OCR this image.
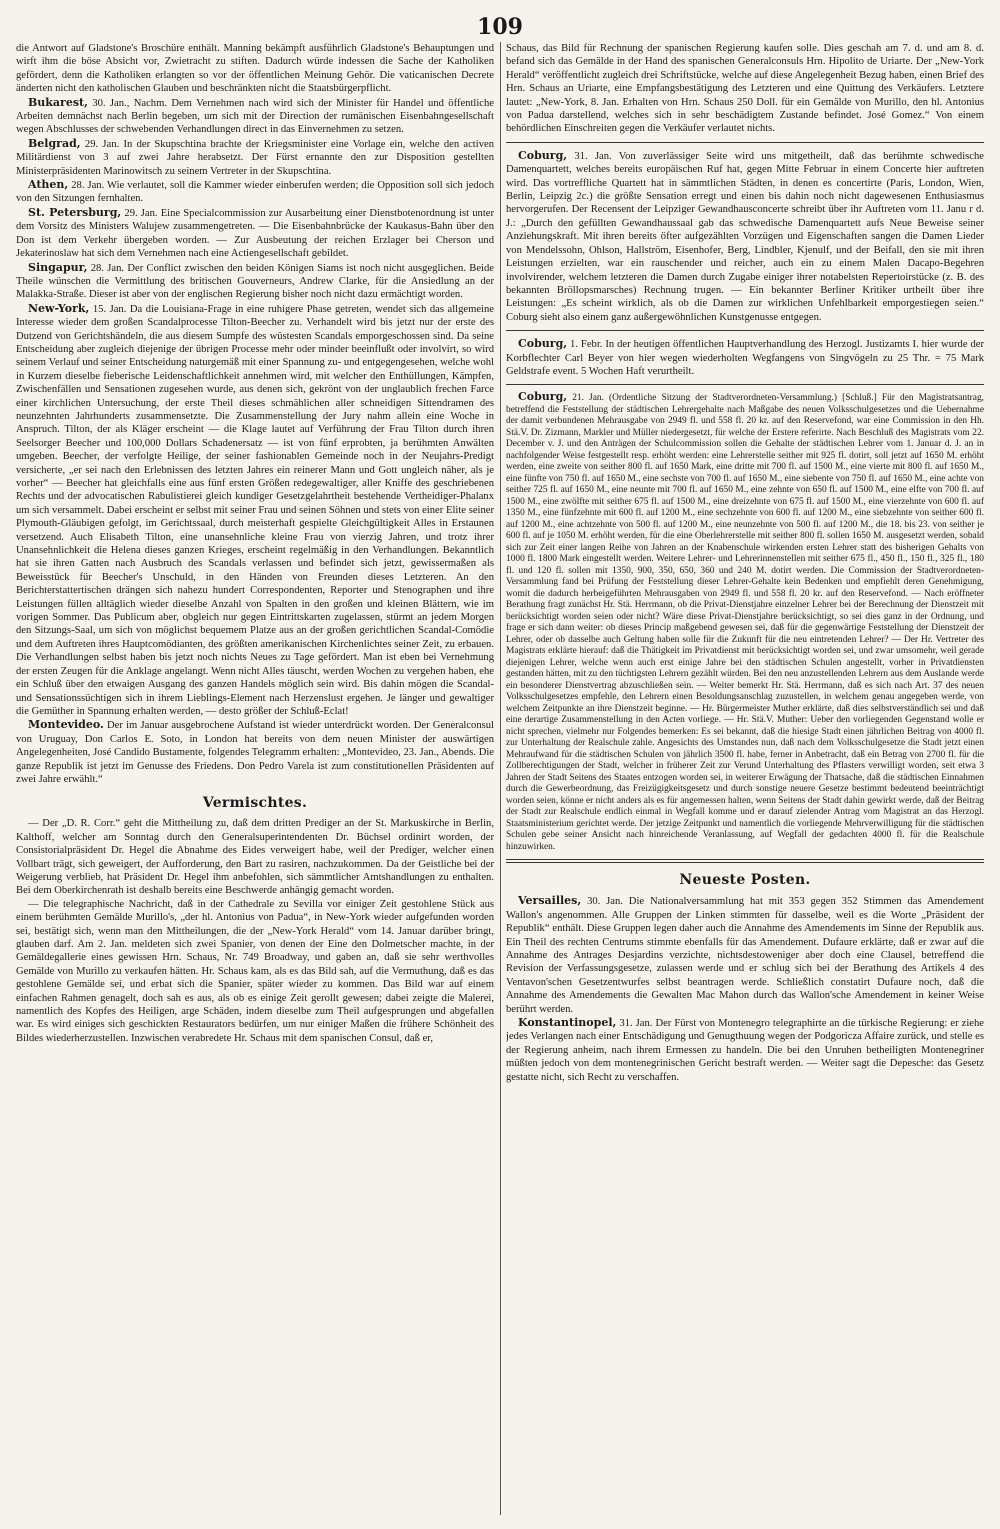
109

die Antwort auf Gladstone's Broschüre enthält. Manning bekämpft ausführlich Gladstone's Behauptungen und wirft ihm die böse Absicht vor, Zwietracht zu stiften. Dadurch würde indessen die Sache der Katholiken gefördert, denn die Katholiken erlangten so vor der öffentlichen Meinung Gehör. Die vaticanischen Decrete änderten nicht den katholischen Glauben und beschränkten nicht die Staatsbürgerpflicht.

Bukarest, 30. Jan., Nachm. Dem Vernehmen nach wird sich der Minister für Handel und öffentliche Arbeiten demnächst nach Berlin begeben, um sich mit der Direction der rumänischen Eisenbahngesellschaft wegen Abschlusses der schwebenden Verhandlungen direct in das Einvernehmen zu setzen.

Belgrad, 29. Jan. In der Skupschtina brachte der Kriegsminister eine Vorlage ein, welche den activen Militärdienst von 3 auf zwei Jahre herabsetzt. Der Fürst ernannte den zur Disposition gestellten Ministerpräsidenten Marinowitsch zu seinem Vertreter in der Skupschtina.

Athen, 28. Jan. Wie verlautet, soll die Kammer wieder einberufen werden; die Opposition soll sich jedoch von den Sitzungen fernhalten.

St. Petersburg, 29. Jan. Eine Specialcommission zur Ausarbeitung einer Dienstbotenordnung ist unter dem Vorsitz des Ministers Walujew zusammengetreten. — Die Eisenbahnbrücke der Kaukasus-Bahn über den Don ist dem Verkehr übergeben worden. — Zur Ausbeutung der reichen Erzlager bei Cherson und Jekaterinoslaw hat sich dem Vernehmen nach eine Actiengesellschaft gebildet.

Singapur, 28. Jan. Der Conflict zwischen den beiden Königen Siams ist noch nicht ausgeglichen. Beide Theile wünschen die Vermittlung des britischen Gouverneurs, Andrew Clarke, für die Ansiedlung an der Malakka-Straße. Dieser ist aber von der englischen Regierung bisher noch nicht dazu ermächtigt worden.

New-York, 15. Jan. Da die Louisiana-Frage in eine ruhigere Phase getreten, wendet sich das allgemeine Interesse wieder dem großen Scandalprocesse Tilton-Beecher zu. Verhandelt wird bis jetzt nur der erste des Dutzend von Gerichtshändeln, die aus diesem Sumpfe des wüstesten Scandals emporgeschossen sind. Da seine Entscheidung aber zugleich diejenige der übrigen Processe mehr oder minder beeinflußt oder involvirt, so wird seinem Verlauf und seiner Entscheidung naturgemäß mit einer Spannung zu- und entgegengesehen, welche wohl in Kurzem dieselbe fieberische Leidenschaftlichkeit annehmen wird, mit welcher den Enthüllungen, Kämpfen, Zwischenfällen und Sensationen zugesehen wurde, aus denen sich, gekrönt von der unglaublich frechen Farce einer kirchlichen Untersuchung, der erste Theil dieses schmählichen aller schneidigen Sittendramen des neunzehnten Jahrhunderts zusammensetzte. Die Zusammenstellung der Jury nahm allein eine Woche in Anspruch. Tilton, der als Kläger erscheint — die Klage lautet auf Verführung der Frau Tilton durch ihren Seelsorger Beecher und 100,000 Dollars Schadenersatz — ist von fünf erprobten, ja berühmten Anwälten umgeben. Beecher, der verfolgte Heilige, der seiner fashionablen Gemeinde noch in der Neujahrs-Predigt versicherte, „er sei nach den Erlebnissen des letzten Jahres ein reinerer Mann und Gott ungleich näher, als je vorher“ — Beecher hat gleichfalls eine aus fünf ersten Größen redegewaltiger, aller Kniffe des geschriebenen Rechts und der advocatischen Rabulistierei gleich kundiger Gesetzgelahrtheit bestehende Vertheidiger-Phalanx um sich versammelt. Dabei erscheint er selbst mit seiner Frau und seinen Söhnen und stets von einer Elite seiner Plymouth-Gläubigen gefolgt, im Gerichtssaal, durch meisterhaft gespielte Gleichgültigkeit Alles in Erstaunen versetzend. Auch Elisabeth Tilton, eine unansehnliche kleine Frau von vierzig Jahren, und trotz ihrer Unansehnlichkeit die Helena dieses ganzen Krieges, erscheint regelmäßig in den Verhandlungen. Bekanntlich hat sie ihren Gatten nach Ausbruch des Scandals verlassen und befindet sich jetzt, gewissermaßen als Beweisstück für Beecher's Unschuld, in den Händen von Freunden dieses Letzteren. An den Berichterstattertischen drängen sich nahezu hundert Correspondenten, Reporter und Stenographen und ihre Leistungen füllen alltäglich wieder dieselbe Anzahl von Spalten in den großen und kleinen Blättern, wie im vorigen Sommer. Das Publicum aber, obgleich nur gegen Eintrittskarten zugelassen, stürmt an jedem Morgen den Sitzungs-Saal, um sich von möglichst bequemem Platze aus an der großen gerichtlichen Scandal-Comödie und dem Auftreten ihres Hauptcomödianten, des größten amerikanischen Kirchenlichtes seiner Zeit, zu erbauen. Die Verhandlungen selbst haben bis jetzt noch nichts Neues zu Tage gefördert. Man ist eben bei Vernehmung der ersten Zeugen für die Anklage angelangt. Wenn nicht Alles täuscht, werden Wochen zu vergehen haben, ehe ein Schluß über den etwaigen Ausgang des ganzen Handels möglich sein wird. Bis dahin mögen die Scandal- und Sensationssüchtigen sich in ihrem Lieblings-Element nach Herzenslust ergehen. Je länger und gewaltiger die Gemüther in Spannung erhalten werden, — desto größer der Schluß-Eclat!

Montevideo. Der im Januar ausgebrochene Aufstand ist wieder unterdrückt worden. Der Generalconsul von Uruguay, Don Carlos E. Soto, in London hat bereits von dem neuen Minister der auswärtigen Angelegenheiten, José Candido Bustamente, folgendes Telegramm erhalten: „Montevideo, 23. Jan., Abends. Die ganze Republik ist jetzt im Genusse des Friedens. Don Pedro Varela ist zum constitutionellen Präsidenten auf zwei Jahre erwählt.“

Vermischtes.

— Der „D. R. Corr.“ geht die Mittheilung zu, daß dem dritten Prediger an der St. Markuskirche in Berlin, Kalthoff, welcher am Sonntag durch den Generalsuperintendenten Dr. Büchsel ordinirt worden, der Consistorialpräsident Dr. Hegel die Abnahme des Eides verweigert habe, weil der Prediger, welcher einen Vollbart trägt, sich geweigert, der Aufforderung, den Bart zu rasiren, nachzukommen. Da der Geistliche bei der Weigerung verblieb, hat Präsident Dr. Hegel ihm anbefohlen, sich sämmtlicher Amtshandlungen zu enthalten. Bei dem Oberkirchenrath ist deshalb bereits eine Beschwerde anhängig gemacht worden.

— Die telegraphische Nachricht, daß in der Cathedrale zu Sevilla vor einiger Zeit gestohlene Stück aus einem berühmten Gemälde Murillo's, „der hl. Antonius von Padua“, in New-York wieder aufgefunden worden sei, bestätigt sich, wenn man den Mittheilungen, die der „New-York Herald“ vom 14. Januar darüber bringt, glauben darf. Am 2. Jan. meldeten sich zwei Spanier, von denen der Eine den Dolmetscher machte, in der Gemäldegallerie eines gewissen Hrn. Schaus, Nr. 749 Broadway, und gaben an, daß sie sehr werthvolles Gemälde von Murillo zu verkaufen hätten. Hr. Schaus kam, als es das Bild sah, auf die Vermuthung, daß es das gestohlene Gemälde sei, und erbat sich die Spanier, später wieder zu kommen. Das Bild war auf einem einfachen Rahmen genagelt, doch sah es aus, als ob es einige Zeit gerollt gewesen; dabei zeigte die Malerei, namentlich des Kopfes des Heiligen, arge Schäden, indem dieselbe zum Theil aufgesprungen und abgefallen war. Es wird einiges sich geschickten Restaurators bedürfen, um nur einiger Maßen die frühere Schönheit des Bildes wiederherzustellen. Inzwischen verabredete Hr. Schaus mit dem spanischen Consul, daß er,

Schaus, das Bild für Rechnung der spanischen Regierung kaufen solle. Dies geschah am 7. d. und am 8. d. befand sich das Gemälde in der Hand des spanischen Generalconsuls Hrn. Hipolito de Uriarte. Der „New-York Herald“ veröffentlicht zugleich drei Schriftstücke, welche auf diese Angelegenheit Bezug haben, einen Brief des Hrn. Schaus an Uriarte, eine Empfangsbestätigung des Letzteren und eine Quittung des Verkäufers. Letztere lautet: „New-York, 8. Jan. Erhalten von Hrn. Schaus 250 Doll. für ein Gemälde von Murillo, den hl. Antonius von Padua darstellend, welches sich in sehr beschädigtem Zustande befindet. José Gomez.“ Von einem behördlichen Einschreiten gegen die Verkäufer verlautet nichts.

Coburg, 31. Jan. Von zuverlässiger Seite wird uns mitgetheilt, daß das berühmte schwedische Damenquartett, welches bereits europäischen Ruf hat, gegen Mitte Februar in einem Concerte hier auftreten wird. Das vortreffliche Quartett hat in sämmtlichen Städten, in denen es concertirte (Paris, London, Wien, Berlin, Leipzig 2c.) die größte Sensation erregt und einen bis dahin noch nicht dagewesenen Enthusiasmus hervorgerufen. Der Recensent der Leipziger Gewandhausconcerte schreibt über ihr Auftreten vom 11. Janu r d. J.: „Durch den gefüllten Gewandhaussaal gab das schwedische Damenquartett aufs Neue Beweise seiner Anziehungskraft. Mit ihren bereits öfter aufgezählten Vorzügen und Eigenschaften sangen die Damen Lieder von Mendelssohn, Ohlson, Hallström, Eisenhofer, Berg, Lindbler, Kjenulf, und der Beifall, den sie mit ihren Leistungen erzielten, war ein rauschender und reicher, auch ein zu einem Malen Dacapo-Begehren involvirender, welchem letzteren die Damen durch Zugabe einiger ihrer notabelsten Repertoirstücke (z. B. des bekannten Bröllopsmarsches) Rechnung trugen. — Ein bekannter Berliner Kritiker urtheilt über ihre Leistungen: „Es scheint wirklich, als ob die Damen zur wirklichen Unfehlbarkeit emporgestiegen seien.“ Coburg sieht also einem ganz außergewöhnlichen Kunstgenusse entgegen.

Coburg, 1. Febr. In der heutigen öffentlichen Hauptverhandlung des Herzogl. Justizamts I. hier wurde der Korbflechter Carl Beyer von hier wegen wiederholten Wegfangens von Singvögeln zu 25 Thr. = 75 Mark Geldstrafe event. 5 Wochen Haft verurtheilt.

Coburg, 21. Jan. (Ordentliche Sitzung der Stadtverordneten-Versammlung.) [Schluß.] Für den Magistratsantrag, betreffend die Feststellung der städtischen Lehrergehalte nach Maßgabe des neuen Volksschulgesetzes und die Uebernahme der damit verbundenen Mehrausgabe von 2949 fl. und 558 fl. 20 kr. auf den Reservefond, war eine Commission in den Hh. Stä.V. Dr. Zizmann, Markler und Müller niedergesetzt, für welche der Erstere referirte. Nach Beschluß des Magistrats vom 22. December v. J. und den Anträgen der Schulcommission sollen die Gehalte der städtischen Lehrer vom 1. Januar d. J. an in nachfolgender Weise festgestellt resp. erhöht werden: eine Lehrerstelle seither mit 925 fl. dotirt, soll jetzt auf 1650 M. erhöht werden, eine zweite von seither 800 fl. auf 1650 Mark, eine dritte mit 700 fl. auf 1500 M., eine vierte mit 800 fl. auf 1650 M., eine fünfte von 750 fl. auf 1650 M., eine sechste von 700 fl. auf 1650 M., eine siebente von 750 fl. auf 1650 M., eine achte von seither 725 fl. auf 1650 M., eine neunte mit 700 fl. auf 1650 M., eine zehnte von 650 fl. auf 1500 M., eine elfte von 700 fl. auf 1500 M., eine zwölfte mit seither 675 fl. auf 1500 M., eine dreizehnte von 675 fl. auf 1500 M., eine vierzehnte von 600 fl. auf 1350 M., eine fünfzehnte mit 600 fl. auf 1200 M., eine sechzehnte von 600 fl. auf 1200 M., eine siebzehnte von seither 600 fl. auf 1200 M., eine achtzehnte von 500 fl. auf 1200 M., eine neunzehnte von 500 fl. auf 1200 M., die 18. bis 23. von seither je 600 fl. auf je 1050 M. erhöht werden, für die eine Oberlehrerstelle mit seither 800 fl. sollen 1650 M. ausgesetzt werden, sobald sich zur Zeit einer langen Reihe von Jahren an der Knabenschule wirkenden ersten Lehrer statt des bisherigen Gehalts von 1000 fl. 1800 Mark eingestellt werden. Weitere Lehrer- und Lehrerinnenstellen mit seither 675 fl., 450 fl., 150 fl., 325 fl., 180 fl. und 120 fl. sollen mit 1350, 900, 350, 650, 360 und 240 M. dotirt werden. Die Commission der Stadtverordneten-Versammlung fand bei Prüfung der Feststellung dieser Lehrer-Gehalte kein Bedenken und empfiehlt deren Genehmigung, womit die dadurch herbeigeführten Mehrausgaben von 2949 fl. und 558 fl. 20 kr. auf den Reservefond. — Nach eröffneter Berathung fragt zunächst Hr. Stä. Herrmann, ob die Privat-Dienstjahre einzelner Lehrer bei der Berechnung der Dienstzeit mit berücksichtigt worden seien oder nicht? Wäre diese Privat-Dienstjahre berücksichtigt, so sei dies ganz in der Ordnung, und frage er sich dann weiter: ob dieses Princip maßgebend gewesen sei, daß für die gegenwärtige Feststellung der Dienstzeit der Lehrer, oder ob dasselbe auch Geltung haben solle für die Zukunft für die neu eintretenden Lehrer? — Der Hr. Vertreter des Magistrats erklärte hierauf: daß die Thätigkeit im Privatdienst mit berücksichtigt worden sei, und zwar umsomehr, weil gerade diejenigen Lehrer, welche wenn auch erst einige Jahre bei den städtischen Schulen angestellt, vorher in Privatdiensten gestanden hätten, mit zu den tüchtigsten Lehrern gezählt würden. Bei den neu anzustellenden Lehrern aus dem Auslande werde ein besonderer Dienstvertrag abzuschließen sein. — Weiter bemerkt Hr. Stä. Herrmann, daß es sich nach Art. 37 des neuen Volksschulgesetzes empfehle, den Lehrern einen Besoldungsanschlag zuzustellen, in welchem genau angegeben werde, von welchem Zeitpunkte an ihre Dienstzeit beginne. — Hr. Bürgermeister Muther erklärte, daß dies selbstverständlich sei und daß eine derartige Zusammenstellung in den Acten vorliege. — Hr. Stä.V. Muther: Ueber den vorliegenden Gegenstand wolle er nicht sprechen, vielmehr nur Folgendes bemerken: Es sei bekannt, daß die hiesige Stadt einen jährlichen Beitrag von 4000 fl. zur Unterhaltung der Realschule zahle. Angesichts des Umstandes nun, daß nach dem Volksschulgesetze die Stadt jetzt einen Mehraufwand für die städtischen Schulen von jährlich 3500 fl. habe, ferner in Anbetracht, daß ein Betrag von 2700 fl. für die Zollberechtigungen der Stadt, welcher in früherer Zeit zur Verund Unterhaltung des Pflasters verwilligt worden, seit etwa 3 Jahren der Stadt Seitens des Staates entzogen worden sei, in weiterer Erwägung der Thatsache, daß die städtischen Einnahmen durch die Gewerbeordnung, das Freizügigkeitsgesetz und durch sonstige neuere Gesetze bestimmt bedeutend beeinträchtigt worden seien, könne er nicht anders als es für angemessen halten, wenn Seitens der Stadt dahin gewirkt werde, daß der Beitrag der Stadt zur Realschule endlich einmal in Wegfall komme und er darauf zielender Antrag vom Magistrat an das Herzogl. Staatsministerium gerichtet werde. Der jetzige Zeitpunkt und namentlich die vorliegende Mehrverwilligung für die städtischen Schulen gebe seiner Ansicht nach hinreichende Veranlassung, auf Wegfall der gedachten 4000 fl. für die Realschule hinzuwirken.

Neueste Posten.

Versailles, 30. Jan. Die Nationalversammlung hat mit 353 gegen 352 Stimmen das Amendement Wallon's angenommen. Alle Gruppen der Linken stimmten für dasselbe, weil es die Worte „Präsident der Republik“ enthält. Diese Gruppen legen daher auch die Annahme des Amendements im Sinne der Republik aus. Ein Theil des rechten Centrums stimmte ebenfalls für das Amendement. Dufaure erklärte, daß er zwar auf die Annahme des Antrages Desjardins verzichte, nichtsdestoweniger aber doch eine Clausel, betreffend die Revision der Verfassungsgesetze, zulassen werde und er schlug sich bei der Berathung des Artikels 4 des Ventavon'schen Gesetzentwurfes selbst beantragen werde. Schließlich constatirt Dufaure noch, daß die Annahme des Amendements die Gewalten Mac Mahon durch das Wallon'sche Amendement in keiner Weise berührt werden.

Konstantinopel, 31. Jan. Der Fürst von Montenegro telegraphirte an die türkische Regierung: er ziehe jedes Verlangen nach einer Entschädigung und Genugthuung wegen der Podgoricza Affaire zurück, und stelle es der Regierung anheim, nach ihrem Ermessen zu handeln. Die bei den Unruhen betheiligten Montenegriner müßten jedoch von dem montenegrinischen Gericht bestraft werden. — Weiter sagt die Depesche: das Gesetz gestatte nicht, sich Recht zu verschaffen.
